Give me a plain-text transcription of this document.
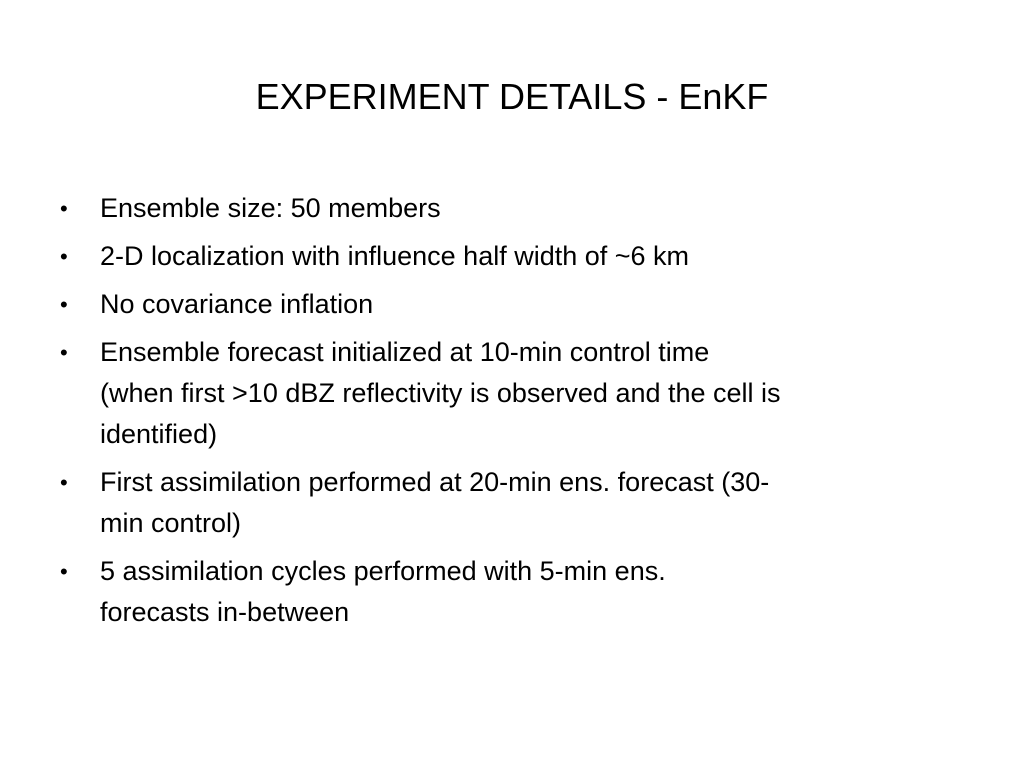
EXPERIMENT DETAILS - EnKF
•	Ensemble size: 50 members
•	2-D localization with influence half width of ~6 km
•	No covariance inflation
•	Ensemble forecast initialized at 10-min control time
(when first >10 dBZ reflectivity is observed and the cell is
identified)
•	First assimilation performed at 20-min ens. forecast (30-
min control)
•	5 assimilation cycles performed with 5-min ens.
forecasts in-between
